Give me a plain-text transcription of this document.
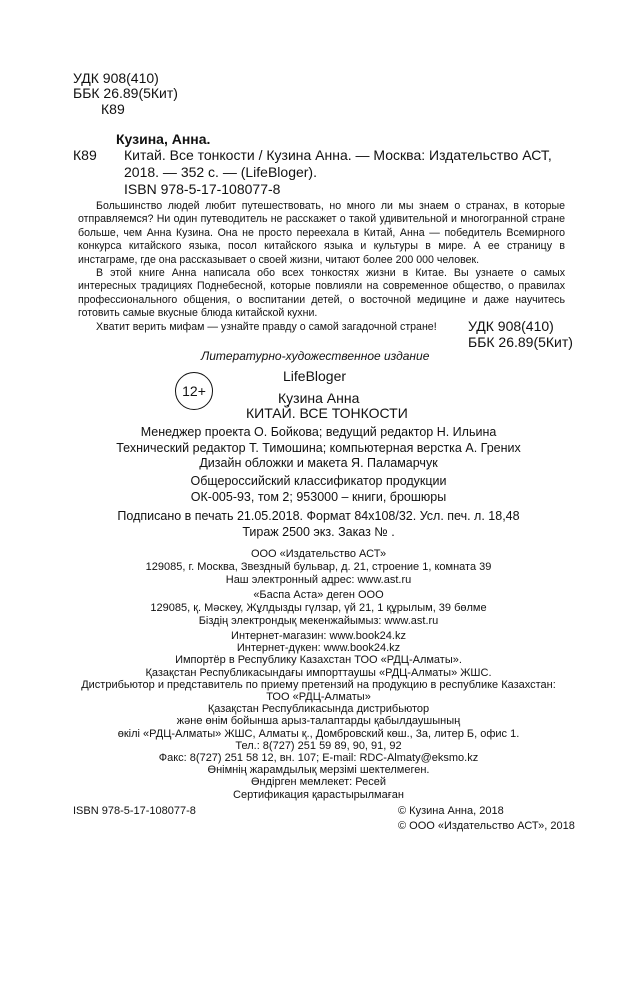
УДК 908(410)
ББК 26.89(5Кит)
К89
Кузина, Анна.
К89 Китай. Все тонкости / Кузина Анна. — Москва: Издательство АСТ,
2018. — 352 с. — (LifeBloger).
ISBN 978-5-17-108077-8

Большинство людей любит путешествовать, но много ли мы знаем о странах, в которые отправляемся? Ни один путеводитель не расскажет о такой удивительной и многогранной стране больше, чем Анна Кузина. Она не просто переехала в Китай, Анна — победитель Всемирного конкурса китайского языка, посол китайского языка и культуры в мире. А ее страницу в инстаграме, где она рассказывает о своей жизни, читают более 200 000 человек.

В этой книге Анна написала обо всех тонкостях жизни в Китае. Вы узнаете о самых интересных традициях Поднебесной, которые повлияли на современное общество, о правилах профессионального общения, о воспитании детей, о восточной медицине и даже научитесь готовить самые вкусные блюда китайской кухни.

Хватит верить мифам — узнайте правду о самой загадочной стране!	УДК 908(410)
ББК 26.89(5Кит)
Литературно-художественное издание
LifeBloger
12+	Кузина Анна
КИТАЙ. ВСЕ ТОНКОСТИ
Менеджер проекта О. Бойкова; ведущий редактор Н. Ильина
Технический редактор Т. Тимошина; компьютерная верстка А. Грених
Дизайн обложки и макета Я. Паламарчук
Общероссийский классификатор продукции
ОК-005-93, том 2; 953000 – книги, брошюры
Подписано в печать 21.05.2018. Формат 84х108/32. Усл. печ. л. 18,48
Тираж 2500 экз. Заказ № .
ООО «Издательство АСТ»
129085, г. Москва, Звездный бульвар, д. 21, строение 1, комната 39
Наш электронный адрес: www.ast.ru
«Баспа Аста» деген ООО
129085, қ. Мәскеу, Жұлдызды гүлзар, үй 21, 1 құрылым, 39 бөлме
Біздің электрондық мекенжайымыз: www.ast.ru
Интернет-магазин: www.book24.kz
Интернет-дүкен: www.book24.kz
Импортёр в Республику Казахстан ТОО «РДЦ-Алматы».
Қазақстан Республикасындағы импорттаушы «РДЦ-Алматы» ЖШС.
Дистрибьютор и представитель по приему претензий на продукцию в республике Казахстан:
ТОО «РДЦ-Алматы»
Қазақстан Республикасында дистрибьютор
және өнім бойынша арыз-талаптарды қабылдаушының
өкілі «РДЦ-Алматы» ЖШС, Алматы қ., Домбровский көш., 3а, литер Б, офис 1.
Тел.: 8(727) 251 59 89, 90, 91, 92
Факс: 8(727) 251 58 12, вн. 107; E-mail: RDC-Almaty@eksmo.kz
Өнімнің жарамдылық мерзімі шектелмеген.
Өндірген мемлекет: Ресей
Сертификация қарастырылмаған
ISBN 978-5-17-108077-8	© Кузина Анна, 2018
© ООО «Издательство АСТ», 2018
